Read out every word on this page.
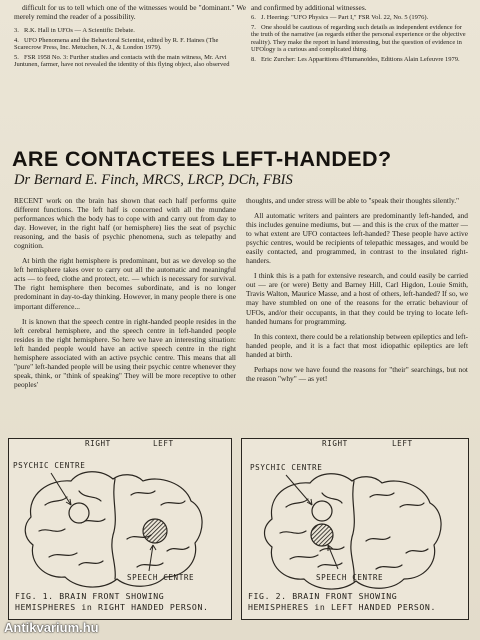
difficult for us to tell which one of the witnesses would be "dominant." We merely remind the reader of a possibility.

3. R.K. Hall in UFOs — A Scientific Debate.
4. UFO Phenomena and the Behavioral Scientist, edited by R. F. Haines (The Scarecrow Press, Inc. Metuchen, N. J., & London 1979).
5. FSR 1958 No. 3: Further studies and contacts with the main witness, Mr. Arvi Juntunen, farmer, have not revealed the identity of this flying object, also observed

and confirmed by additional witnesses.

6. J. Heering: "UFO Physics — Part I," FSR Vol. 22, No. 5 (1976).
7. One should be cautious of regarding such details as independent evidence for the truth of the narrative (as regards either the personal experience or the objective reality). They make the report in hand interesting, but the question of evidence in UFOlogy is a curious and complicated thing.
8. Eric Zurcher: Les Apparitions d'Humanoïdes, Editions Alain Lefeuvre 1979.
ARE CONTACTEES LEFT-HANDED?
Dr Bernard E. Finch, MRCS, LRCP, DCh, FBIS

RECENT work on the brain has shown that each half performs quite different functions. The left half is concerned with all the mundane performances which the body has to cope with and carry out from day to day. However, in the right half (or hemisphere) lies the seat of psychic reasoning, and the basis of psychic phenomena, such as telepathy and cognition.

At birth the right hemisphere is predominant, but as we develop so the left hemisphere takes over to carry out all the automatic and meaningful acts — to feed, clothe and protect, etc. — which is necessary for survival. The right hemisphere then becomes subordinate, and is no longer predominant in day-to-day thinking. However, in many people there is one important difference...

It is known that the speech centre in right-handed people resides in the left cerebral hemisphere, and the speech centre in left-handed people resides in the right hemisphere. So here we have an interesting situation: left handed people would have an active speech centre in the right hemisphere associated with an active psychic centre. This means that all "pure" left-handed people will be using their psychic centre whenever they speak, think, or "think of speaking" They will be more receptive to other peoples'

thoughts, and under stress will be able to "speak their thoughts silently."

All automatic writers and painters are predominantly left-handed, and this includes genuine mediums, but — and this is the crux of the matter — to what extent are UFO contactees left-handed? These people have active psychic centres, would be recipients of telepathic messages, and would be easily contacted, and programmed, in contrast to the insulated right-handers.

I think this is a path for extensive research, and could easily be carried out — are (or were) Betty and Barney Hill, Carl Higdon, Louie Smith, Travis Walton, Maurice Masse, and a host of others, left-handed? If so, we may have stumbled on one of the reasons for the erratic behaviour of UFOs, and/or their occupants, in that they could be trying to locate left-handed humans for programming.

In this context, there could be a relationship between epileptics and left-handed people, and it is a fact that most idiopathic epileptics are left handed at birth.

Perhaps now we have found the reasons for "their" searchings, but not the reason "why" — as yet!

RIGHT	LEFT
PSYCHIC CENTRE
SPEECH CENTRE
FIG. 1. BRAIN FRONT SHOWING
HEMISPHERES in RIGHT HANDED PERSON.
RIGHT	LEFT
PSYCHIC CENTRE
SPEECH CENTRE
FIG. 2. BRAIN FRONT SHOWING
HEMISPHERES in LEFT HANDED PERSON.
Antikvarium.hu
